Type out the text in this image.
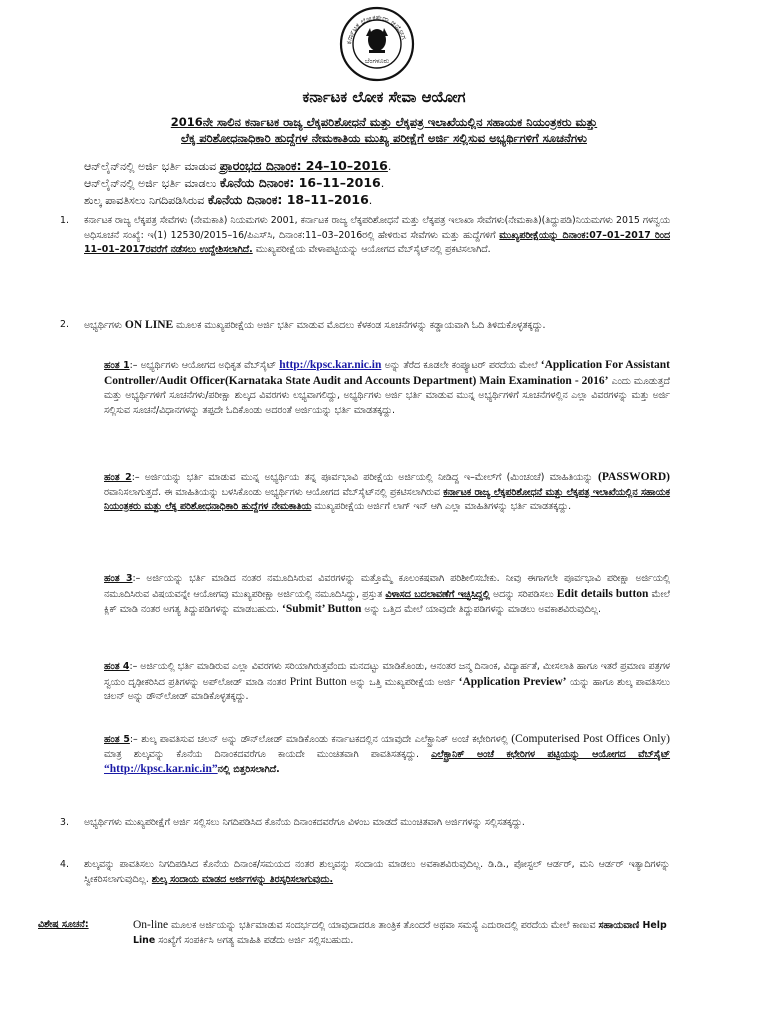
ಕರ್ನಾಟಕ ಲೋಕಸೇವಾ ಆಯೋಗ
ಬೆಂಗಳೂರು
ಕರ್ನಾಟಕ ಲೋಕ ಸೇವಾ ಆಯೋಗ
2016ನೇ ಸಾಲಿನ ಕರ್ನಾಟಕ ರಾಜ್ಯ ಲೆಕ್ಕಪರಿಶೋಧನೆ ಮತ್ತು ಲೆಕ್ಕಪತ್ರ ಇಲಾಖೆಯಲ್ಲಿನ ಸಹಾಯಕ ನಿಯಂತ್ರಕರು ಮತ್ತು
ಲೆಕ್ಕ ಪರಿಶೋಧನಾಧಿಕಾರಿ ಹುದ್ದೆಗಳ ನೇಮಕಾತಿಯ ಮುಖ್ಯ ಪರೀಕ್ಷೆಗೆ ಅರ್ಜಿ ಸಲ್ಲಿಸುವ ಅಭ್ಯರ್ಥಿಗಳಿಗೆ ಸೂಚನೆಗಳು
ಆನ್‌ಲೈನ್‌ನಲ್ಲಿ ಅರ್ಜಿ ಭರ್ತಿ ಮಾಡುವ ಪ್ರಾರಂಭದ ದಿನಾಂಕ: 24–10–2016.
ಆನ್‌ಲೈನ್‌ನಲ್ಲಿ ಅರ್ಜಿ ಭರ್ತಿ ಮಾಡಲು ಕೊನೆಯ ದಿನಾಂಕ: 16–11–2016.
ಶುಲ್ಕ ಪಾವತಿಸಲು ನಿಗದಿಪಡಿಸಿರುವ ಕೊನೆಯ ದಿನಾಂಕ: 18–11–2016.
1.	ಕರ್ನಾಟಕ ರಾಜ್ಯ ಲೆಕ್ಕಪತ್ರ ಸೇವೆಗಳು (ನೇಮಕಾತಿ) ನಿಯಮಗಳು 2001, ಕರ್ನಾಟಕ ರಾಜ್ಯ ಲೆಕ್ಕಪರಿಶೋಧನೆ ಮತ್ತು ಲೆಕ್ಕಪತ್ರ ಇಲಾಖಾ ಸೇವೆಗಳು(ನೇಮಕಾತಿ)(ತಿದ್ದುಪಡಿ)ನಿಯಮಗಳು 2015 ಗಳನ್ವಯ ಅಧಿಸೂಚನೆ ಸಂಖ್ಯೆ: ಇ(1) 12530/2015–16/ಪಿಎಸ್‌ಸಿ, ದಿನಾಂಕ:11–03–2016ರಲ್ಲಿ ಹೇಳಿರುವ ಸೇವೆಗಳು ಮತ್ತು ಹುದ್ದೆಗಳಿಗೆ ಮುಖ್ಯಪರೀಕ್ಷೆಯನ್ನು ದಿನಾಂಕ:07–01–2017 ರಿಂದ 11–01–2017ರವರೆಗೆ ನಡೆಸಲು ಉದ್ದೇಶಿಸಲಾಗಿದೆ. ಮುಖ್ಯಪರೀಕ್ಷೆಯ ವೇಳಾಪಟ್ಟಿಯನ್ನು ಆಯೋಗದ ವೆಬ್‌ಸೈಟ್‌ನಲ್ಲಿ ಪ್ರಕಟಿಸಲಾಗಿದೆ.
2.	ಅಭ್ಯರ್ಥಿಗಳು ON LINE ಮೂಲಕ ಮುಖ್ಯಪರೀಕ್ಷೆಯ ಅರ್ಜಿ ಭರ್ತಿ ಮಾಡುವ ಮೊದಲು ಕೆಳಕಂಡ ಸೂಚನೆಗಳನ್ನು ಕಡ್ಡಾಯವಾಗಿ ಓದಿ ತಿಳಿದುಕೊಳ್ಳತಕ್ಕದ್ದು.
ಹಂತ 1:– ಅಭ್ಯರ್ಥಿಗಳು ಆಯೋಗದ ಅಧಿಕೃತ ವೆಬ್‌ಸೈಟ್ http://kpsc.kar.nic.in ಅನ್ನು ತೆರೆದ ಕೂಡಲೇ ಕಂಪ್ಯೂಟರ್ ಪರದೆಯ ಮೇಲೆ ‘Application For Assistant Controller/Audit Officer(Karnataka State Audit and Accounts Department) Main Examination - 2016’ ಎಂದು ಮೂಡುತ್ತದೆ ಮತ್ತು ಅಭ್ಯರ್ಥಿಗಳಿಗೆ ಸೂಚನೆಗಳು/ಪರೀಕ್ಷಾ ಶುಲ್ಕದ ವಿವರಗಳು ಲಭ್ಯವಾಗಲಿದ್ದು, ಅಭ್ಯರ್ಥಿಗಳು ಅರ್ಜಿ ಭರ್ತಿ ಮಾಡುವ ಮುನ್ನ ಅಭ್ಯರ್ಥಿಗಳಿಗೆ ಸೂಚನೆಗಳಲ್ಲಿನ ಎಲ್ಲಾ ವಿವರಗಳನ್ನು ಮತ್ತು ಅರ್ಜಿ ಸಲ್ಲಿಸುವ ಸೂಚನೆ/ವಿಧಾನಗಳನ್ನು ತಪ್ಪದೇ ಓದಿಕೊಂಡು ಅದರಂತೆ ಅರ್ಜಿಯನ್ನು ಭರ್ತಿ ಮಾಡತಕ್ಕದ್ದು.
ಹಂತ 2:– ಅರ್ಜಿಯನ್ನು ಭರ್ತಿ ಮಾಡುವ ಮುನ್ನ ಅಭ್ಯರ್ಥಿಯ ತನ್ನ ಪೂರ್ವಭಾವಿ ಪರೀಕ್ಷೆಯ ಅರ್ಜಿಯಲ್ಲಿ ನೀಡಿದ್ದ ಇ–ಮೇಲ್‌ಗೆ (ಮಿಂಚಂಚೆ) ಮಾಹಿತಿಯನ್ನು (PASSWORD) ರವಾನಿಸಲಾಗುತ್ತದೆ. ಈ ಮಾಹಿತಿಯನ್ನು ಬಳಸಿಕೊಂಡು ಅಭ್ಯರ್ಥಿಗಳು ಆಯೋಗದ ವೆಬ್‌ಸೈಟ್‌ನಲ್ಲಿ ಪ್ರಕಟಿಸಲಾಗಿರುವ ಕರ್ನಾಟಕ ರಾಜ್ಯ ಲೆಕ್ಕಪರಿಶೋಧನೆ ಮತ್ತು ಲೆಕ್ಕಪತ್ರ ಇಲಾಖೆಯಲ್ಲಿನ ಸಹಾಯಕ ನಿಯಂತ್ರಕರು ಮತ್ತು ಲೆಕ್ಕ ಪರಿಶೋಧನಾಧಿಕಾರಿ ಹುದ್ದೆಗಳ ನೇಮಕಾತಿಯ ಮುಖ್ಯಪರೀಕ್ಷೆಯ ಅರ್ಜಿಗೆ ಲಾಗ್ ಇನ್ ಆಗಿ ಎಲ್ಲಾ ಮಾಹಿತಿಗಳನ್ನು ಭರ್ತಿ ಮಾಡತಕ್ಕದ್ದು.
ಹಂತ 3:– ಅರ್ಜಿಯನ್ನು ಭರ್ತಿ ಮಾಡಿದ ನಂತರ ನಮೂದಿಸಿರುವ ವಿವರಗಳನ್ನು ಮತ್ತೊಮ್ಮೆ ಕೂಲಂಕಷವಾಗಿ ಪರಿಶೀಲಿಸಬೇಕು. ನೀವು ಈಗಾಗಲೇ ಪೂರ್ವಭಾವಿ ಪರೀಕ್ಷಾ ಅರ್ಜಿಯಲ್ಲಿ ನಮೂದಿಸಿರುವ ವಿಷಯವನ್ನೇ ಆಯೋಗವು ಮುಖ್ಯಪರೀಕ್ಷಾ ಅರ್ಜಿಯಲ್ಲಿ ನಮೂದಿಸಿದ್ದು, ಪ್ರಸ್ತುತ ವಿಳಾಸದ ಬದಲಾವಣೆಗೆ ಇಚ್ಛಿಸಿದ್ದಲ್ಲಿ ಅದನ್ನು ಸರಿಪಡಿಸಲು Edit details button ಮೇಲೆ ಕ್ಲಿಕ್ ಮಾಡಿ ನಂತರ ಅಗತ್ಯ ತಿದ್ದುಪಡಿಗಳನ್ನು ಮಾಡಬಹುದು. ‘Submit’ Button ಅನ್ನು ಒತ್ತಿದ ಮೇಲೆ ಯಾವುದೇ ತಿದ್ದುಪಡಿಗಳನ್ನು ಮಾಡಲು ಅವಕಾಶವಿರುವುದಿಲ್ಲ.
ಹಂತ 4:– ಅರ್ಜಿಯಲ್ಲಿ ಭರ್ತಿ ಮಾಡಿರುವ ಎಲ್ಲಾ ವಿವರಗಳು ಸರಿಯಾಗಿರುತ್ತವೆಂದು ಮನದಟ್ಟು ಮಾಡಿಕೊಂಡು, ಆನಂತರ ಜನ್ಮ ದಿನಾಂಕ, ವಿದ್ಯಾರ್ಹತೆ, ಮೀಸಲಾತಿ ಹಾಗೂ ಇತರೆ ಪ್ರಮಾಣ ಪತ್ರಗಳ ಸ್ವಯಂ ದೃಢೀಕರಿಸಿದ ಪ್ರತಿಗಳನ್ನು ಅಪ್‌ಲೋಡ್ ಮಾಡಿ ನಂತರ Print Button ಅನ್ನು ಒತ್ತಿ ಮುಖ್ಯಪರೀಕ್ಷೆಯ ಅರ್ಜಿ ‘Application Preview’ ಯನ್ನು ಹಾಗೂ ಶುಲ್ಕ ಪಾವತಿಸಲು ಚಲನ್ ಅನ್ನು ಡೌನ್‌ಲೋಡ್ ಮಾಡಿಕೊಳ್ಳತಕ್ಕದ್ದು.
ಹಂತ 5:– ಶುಲ್ಕ ಪಾವತಿಸುವ ಚಲನ್ ಅನ್ನು ಡೌನ್‌ಲೋಡ್ ಮಾಡಿಕೊಂಡು ಕರ್ನಾಟಕದಲ್ಲಿನ ಯಾವುದೇ ಎಲೆಕ್ಟ್ರಾನಿಕ್ ಅಂಚೆ ಕಛೇರಿಗಳಲ್ಲಿ (Computerised Post Offices Only) ಮಾತ್ರ ಶುಲ್ಕವನ್ನು ಕೊನೆಯ ದಿನಾಂಕದವರೆಗೂ ಕಾಯದೇ ಮುಂಚಿತವಾಗಿ ಪಾವತಿಸತಕ್ಕದ್ದು. ಎಲೆಕ್ಟ್ರಾನಿಕ್ ಅಂಚೆ ಕಛೇರಿಗಳ ಪಟ್ಟಿಯನ್ನು ಆಯೋಗದ ವೆಬ್‌ಸೈಟ್ “http://kpsc.kar.nic.in”ನಲ್ಲಿ ಬಿತ್ತರಿಸಲಾಗಿದೆ.
3.	ಅಭ್ಯರ್ಥಿಗಳು ಮುಖ್ಯಪರೀಕ್ಷೆಗೆ ಅರ್ಜಿ ಸಲ್ಲಿಸಲು ನಿಗದಿಪಡಿಸಿದ ಕೊನೆಯ ದಿನಾಂಕದವರೆಗೂ ವಿಳಂಬ ಮಾಡದೆ ಮುಂಚಿತವಾಗಿ ಅರ್ಜಿಗಳನ್ನು ಸಲ್ಲಿಸತಕ್ಕದ್ದು.
4.	ಶುಲ್ಕವನ್ನು ಪಾವತಿಸಲು ನಿಗದಿಪಡಿಸಿದ ಕೊನೆಯ ದಿನಾಂಕ/ಸಮಯದ ನಂತರ ಶುಲ್ಕವನ್ನು ಸಂದಾಯ ಮಾಡಲು ಅವಕಾಶವಿರುವುದಿಲ್ಲ. ಡಿ.ಡಿ., ಪೋಸ್ಟಲ್ ಆರ್ಡರ್, ಮನಿ ಆರ್ಡರ್ ಇತ್ಯಾದಿಗಳನ್ನು ಸ್ವೀಕರಿಸಲಾಗುವುದಿಲ್ಲ. ಶುಲ್ಕ ಸಂದಾಯ ಮಾಡದ ಅರ್ಜಿಗಳನ್ನು ತಿರಸ್ಕರಿಸಲಾಗುವುದು.
ವಿಶೇಷ ಸೂಚನೆ:	On-line ಮೂಲಕ ಅರ್ಜಿಯನ್ನು ಭರ್ತಿಮಾಡುವ ಸಂದರ್ಭದಲ್ಲಿ ಯಾವುದಾದರೂ ತಾಂತ್ರಿಕ ತೊಂದರೆ ಅಥವಾ ಸಮಸ್ಯೆ ಎದುರಾದಲ್ಲಿ ಪರದೆಯ ಮೇಲೆ ಕಾಣುವ ಸಹಾಯವಾಣಿ Help Line ಸಂಖ್ಯೆಗೆ ಸಂಪರ್ಕಿಸಿ ಅಗತ್ಯ ಮಾಹಿತಿ ಪಡೆದು ಅರ್ಜಿ ಸಲ್ಲಿಸಬಹುದು.
